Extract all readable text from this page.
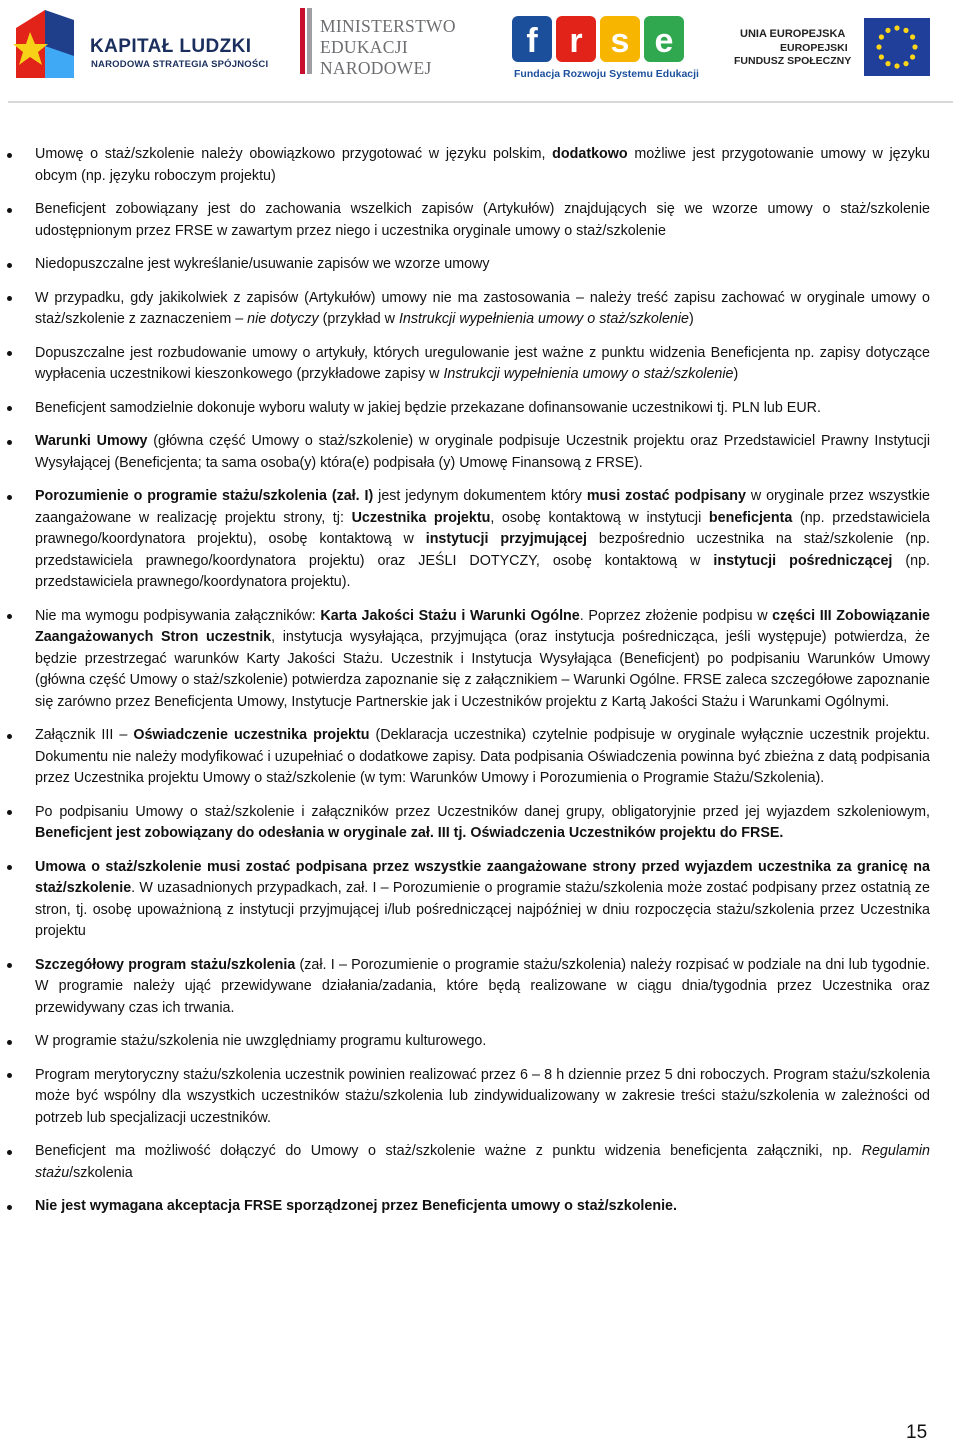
KAPITAŁ LUDZKI
NARODOWA STRATEGIA SPÓJNOŚCI
MINISTERSTWO
EDUKACJI
NARODOWEJ
f r s e
Fundacja Rozwoju Systemu Edukacji
UNIA EUROPEJSKA
EUROPEJSKI
FUNDUSZ SPOŁECZNY
Umowę o staż/szkolenie należy obowiązkowo przygotować w języku polskim, dodatkowo możliwe jest przygotowanie umowy w języku obcym (np. języku roboczym projektu)
Beneficjent zobowiązany jest do zachowania wszelkich zapisów (Artykułów) znajdujących się we wzorze umowy o staż/szkolenie udostępnionym przez FRSE w zawartym przez niego i uczestnika oryginale umowy o staż/szkolenie
Niedopuszczalne jest wykreślanie/usuwanie zapisów we wzorze umowy
W przypadku, gdy jakikolwiek z zapisów (Artykułów) umowy nie ma zastosowania – należy treść zapisu zachować w oryginale umowy o staż/szkolenie z zaznaczeniem – nie dotyczy (przykład w Instrukcji wypełnienia umowy o staż/szkolenie)
Dopuszczalne jest rozbudowanie umowy o artykuły, których uregulowanie jest ważne z punktu widzenia Beneficjenta np. zapisy dotyczące wypłacenia uczestnikowi kieszonkowego (przykładowe zapisy w Instrukcji wypełnienia umowy o staż/szkolenie)
Beneficjent samodzielnie dokonuje wyboru waluty w jakiej będzie przekazane dofinansowanie uczestnikowi tj. PLN lub EUR.
Warunki Umowy (główna część Umowy o staż/szkolenie) w oryginale podpisuje Uczestnik projektu oraz Przedstawiciel Prawny Instytucji Wysyłającej (Beneficjenta; ta sama osoba(y) która(e) podpisała (y) Umowę Finansową z FRSE).
Porozumienie o programie stażu/szkolenia (zał. I) jest jedynym dokumentem który musi zostać podpisany w oryginale przez wszystkie zaangażowane w realizację projektu strony, tj: Uczestnika projektu, osobę kontaktową w instytucji beneficjenta (np. przedstawiciela prawnego/koordynatora projektu), osobę kontaktową w instytucji przyjmującej bezpośrednio uczestnika na staż/szkolenie (np. przedstawiciela prawnego/koordynatora projektu) oraz JEŚLI DOTYCZY, osobę kontaktową w instytucji pośredniczącej (np. przedstawiciela prawnego/koordynatora projektu).
Nie ma wymogu podpisywania załączników: Karta Jakości Stażu i Warunki Ogólne. Poprzez złożenie podpisu w części III Zobowiązanie Zaangażowanych Stron uczestnik, instytucja wysyłająca, przyjmująca (oraz instytucja pośrednicząca, jeśli występuje) potwierdza, że będzie przestrzegać warunków Karty Jakości Stażu. Uczestnik i Instytucja Wysyłająca (Beneficjent) po podpisaniu Warunków Umowy (główna część Umowy o staż/szkolenie) potwierdza zapoznanie się z załącznikiem – Warunki Ogólne. FRSE zaleca szczegółowe zapoznanie się zarówno przez Beneficjenta Umowy, Instytucje Partnerskie jak i Uczestników projektu z Kartą Jakości Stażu i Warunkami Ogólnymi.
Załącznik III – Oświadczenie uczestnika projektu (Deklaracja uczestnika) czytelnie podpisuje w oryginale wyłącznie uczestnik projektu. Dokumentu nie należy modyfikować i uzupełniać o dodatkowe zapisy. Data podpisania Oświadczenia powinna być zbieżna z datą podpisania przez Uczestnika projektu Umowy o staż/szkolenie (w tym: Warunków Umowy i Porozumienia o Programie Stażu/Szkolenia).
Po podpisaniu Umowy o staż/szkolenie i załączników przez Uczestników danej grupy, obligatoryjnie przed jej wyjazdem szkoleniowym, Beneficjent jest zobowiązany do odesłania w oryginale zał. III tj. Oświadczenia Uczestników projektu do FRSE.
Umowa o staż/szkolenie musi zostać podpisana przez wszystkie zaangażowane strony przed wyjazdem uczestnika za granicę na staż/szkolenie. W uzasadnionych przypadkach, zał. I – Porozumienie o programie stażu/szkolenia może zostać podpisany przez ostatnią ze stron, tj. osobę upoważnioną z instytucji przyjmującej i/lub pośredniczącej najpóźniej w dniu rozpoczęcia stażu/szkolenia przez Uczestnika projektu
Szczegółowy program stażu/szkolenia (zał. I – Porozumienie o programie stażu/szkolenia) należy rozpisać w podziale na dni lub tygodnie. W programie należy ująć przewidywane działania/zadania, które będą realizowane w ciągu dnia/tygodnia przez Uczestnika oraz przewidywany czas ich trwania.
W programie stażu/szkolenia nie uwzględniamy programu kulturowego.
Program merytoryczny stażu/szkolenia uczestnik powinien realizować przez 6 – 8 h dziennie przez 5 dni roboczych. Program stażu/szkolenia może być wspólny dla wszystkich uczestników stażu/szkolenia lub zindywidualizowany w zakresie treści stażu/szkolenia w zależności od potrzeb lub specjalizacji uczestników.
Beneficjent ma możliwość dołączyć do Umowy o staż/szkolenie ważne z punktu widzenia beneficjenta załączniki, np. Regulamin stażu/szkolenia
Nie jest wymagana akceptacja FRSE sporządzonej przez Beneficjenta umowy o staż/szkolenie.
15
